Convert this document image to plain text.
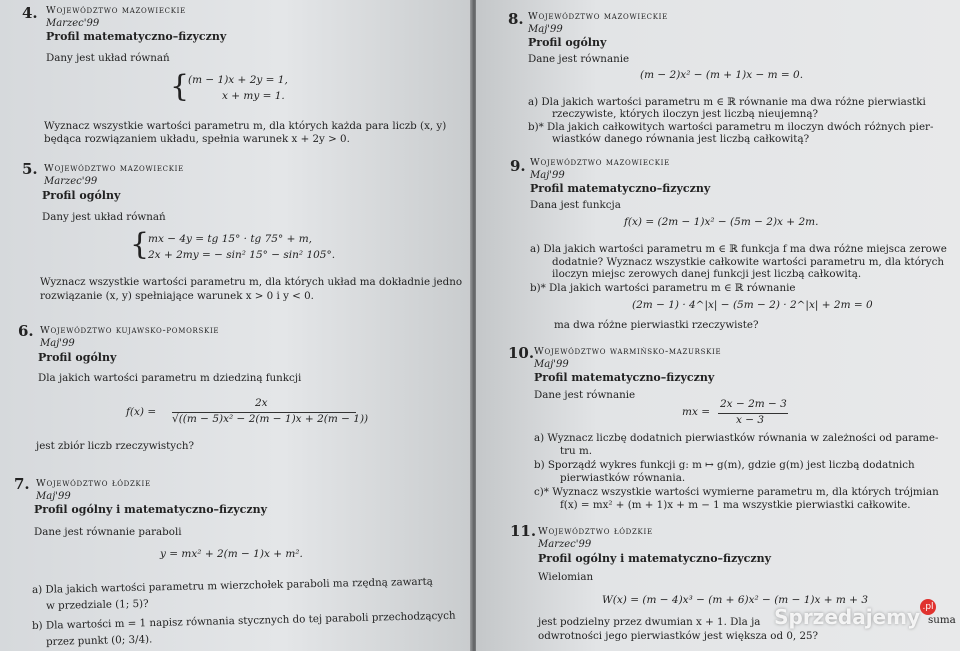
4. Województwo mazowieckie
Marzec'99
Profil matematyczno–fizyczny
Dany jest układ równań
{
(m − 1)x + 2y = 1,
x + my = 1.
Wyznacz wszystkie wartości parametru m, dla których każda para liczb (x, y)
będąca rozwiązaniem układu, spełnia warunek x + 2y > 0.
5. Województwo mazowieckie
Marzec'99
Profil ogólny
Dany jest układ równań
{
mx − 4y = tg 15° · tg 75° + m,
2x + 2my = − sin² 15° − sin² 105°.
Wyznacz wszystkie wartości parametru m, dla których układ ma dokładnie jedno
rozwiązanie (x, y) spełniające warunek x > 0 i y < 0.
6. Województwo kujawsko-pomorskie
Maj'99
Profil ogólny
Dla jakich wartości parametru m dziedziną funkcji
f(x) =
2x
√((m − 5)x² − 2(m − 1)x + 2(m − 1))
jest zbiór liczb rzeczywistych?
7. Województwo łódzkie
Maj'99
Profil ogólny i matematyczno–fizyczny
Dane jest równanie paraboli
y = mx² + 2(m − 1)x + m².
a) Dla jakich wartości parametru m wierzchołek paraboli ma rzędną zawartą
w przedziale (1; 5)?
b) Dla wartości m = 1 napisz równania stycznych do tej paraboli przechodzących
przez punkt (0; 3/4).
8. Województwo mazowieckie
Maj'99
Profil ogólny
Dane jest równanie
(m − 2)x² − (m + 1)x − m = 0.
a) Dla jakich wartości parametru m ∈ ℝ równanie ma dwa różne pierwiastki
rzeczywiste, których iloczyn jest liczbą nieujemną?
b)* Dla jakich całkowitych wartości parametru m iloczyn dwóch różnych pier-
wiastków danego równania jest liczbą całkowitą?
9. Województwo mazowieckie
Maj'99
Profil matematyczno–fizyczny
Dana jest funkcja
f(x) = (2m − 1)x² − (5m − 2)x + 2m.
a) Dla jakich wartości parametru m ∈ ℝ funkcja f ma dwa różne miejsca zerowe
dodatnie? Wyznacz wszystkie całkowite wartości parametru m, dla których
iloczyn miejsc zerowych danej funkcji jest liczbą całkowitą.
b)* Dla jakich wartości parametru m ∈ ℝ równanie
(2m − 1) · 4^|x| − (5m − 2) · 2^|x| + 2m = 0
ma dwa różne pierwiastki rzeczywiste?
10. Województwo warmińsko-mazurskie
Maj'99
Profil matematyczno–fizyczny
Dane jest równanie
mx =
2x − 2m − 3
x − 3
a) Wyznacz liczbę dodatnich pierwiastków równania w zależności od parame-
tru m.
b) Sporządź wykres funkcji g: m ↦ g(m), gdzie g(m) jest liczbą dodatnich
pierwiastków równania.
c)* Wyznacz wszystkie wartości wymierne parametru m, dla których trójmian
f(x) = mx² + (m + 1)x + m − 1 ma wszystkie pierwiastki całkowite.
11. Województwo łódzkie
Marzec'99
Profil ogólny i matematyczno–fizyczny
Wielomian
W(x) = (m − 4)x³ − (m + 6)x² − (m − 1)x + m + 3
jest podzielny przez dwumian x + 1. Dla ja	suma
odwrotności jego pierwiastków jest większa od 0, 25?
Sprzedajemy .pl
